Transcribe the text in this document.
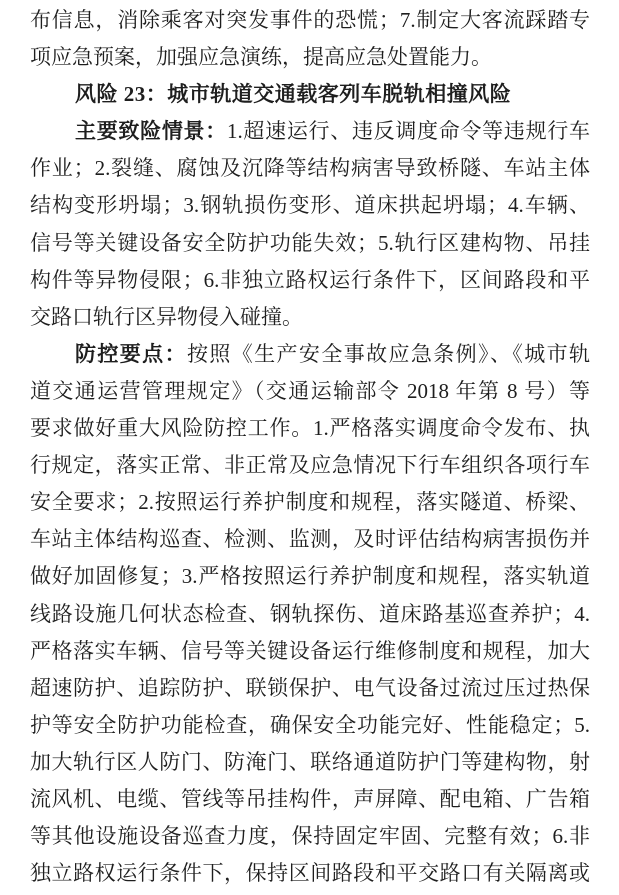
布信息，消除乘客对突发事件的恐慌；7.制定大客流踩踏专
项应急预案，加强应急演练，提高应急处置能力。
风险 23：城市轨道交通载客列车脱轨相撞风险
主要致险情景：1.超速运行、违反调度命令等违规行车
作业；2.裂缝、腐蚀及沉降等结构病害导致桥隧、车站主体
结构变形坍塌；3.钢轨损伤变形、道床拱起坍塌；4.车辆、
信号等关键设备安全防护功能失效；5.轨行区建构物、吊挂
构件等异物侵限；6.非独立路权运行条件下，区间路段和平
交路口轨行区异物侵入碰撞。
防控要点：按照《生产安全事故应急条例》、《城市轨
道交通运营管理规定》（交通运输部令 2018 年第 8 号）等
要求做好重大风险防控工作。1.严格落实调度命令发布、执
行规定，落实正常、非正常及应急情况下行车组织各项行车
安全要求；2.按照运行养护制度和规程，落实隧道、桥梁、
车站主体结构巡查、检测、监测，及时评估结构病害损伤并
做好加固修复；3.严格按照运行养护制度和规程，落实轨道
线路设施几何状态检查、钢轨探伤、道床路基巡查养护；4.
严格落实车辆、信号等关键设备运行维修制度和规程，加大
超速防护、追踪防护、联锁保护、电气设备过流过压过热保
护等安全防护功能检查，确保安全功能完好、性能稳定；5.
加大轨行区人防门、防淹门、联络通道防护门等建构物，射
流风机、电缆、管线等吊挂构件，声屏障、配电箱、广告箱
等其他设施设备巡查力度，保持固定牢固、完整有效；6.非
独立路权运行条件下，保持区间路段和平交路口有关隔离或
